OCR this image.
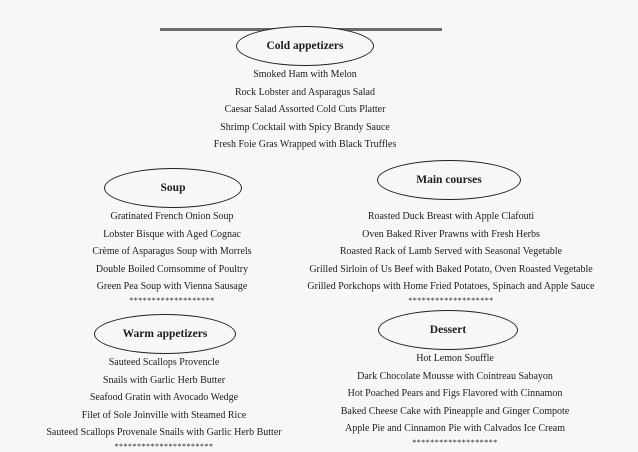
Cold appetizers
Smoked Ham with Melon
Rock Lobster and Asparagus Salad
Caesar Salad Assorted Cold Cuts Platter
Shrimp Cocktail with Spicy Brandy Sauce
Fresh Foie Gras Wrapped with Black Truffles
Soup
Gratinated French Onion Soup
Lobster Bisque with Aged Cognac
Crème of Asparagus Soup with Morrels
Double Boiled Comsomme of Poultry
Green Pea Soup with Vienna Sausage
*******************
Main courses
Roasted Duck Breast with Apple Clafouti
Oven Baked River Prawns with Fresh Herbs
Roasted Rack of Lamb Served with Seasonal Vegetable
Grilled Sirloin of Us Beef with Baked Potato, Oven Roasted Vegetable
Grilled Porkchops with Home Fried Potatoes, Spinach and Apple Sauce
*******************
Warm appetizers
Sauteed Scallops Provencle
Snails with Garlic Herb Butter
Seafood Gratin with Avocado Wedge
Filet of Sole Joinville with Steamed Rice
Sauteed Scallops Provenale Snails with Garlic Herb Butter
**********************
Dessert
Hot Lemon Souffle
Dark Chocolate Mousse with Cointreau Sabayon
Hot Poached Pears and Figs Flavored with Cinnamon
Baked Cheese Cake with Pineapple and Ginger Compote
Apple Pie and Cinnamon Pie with Calvados Ice Cream
*******************
